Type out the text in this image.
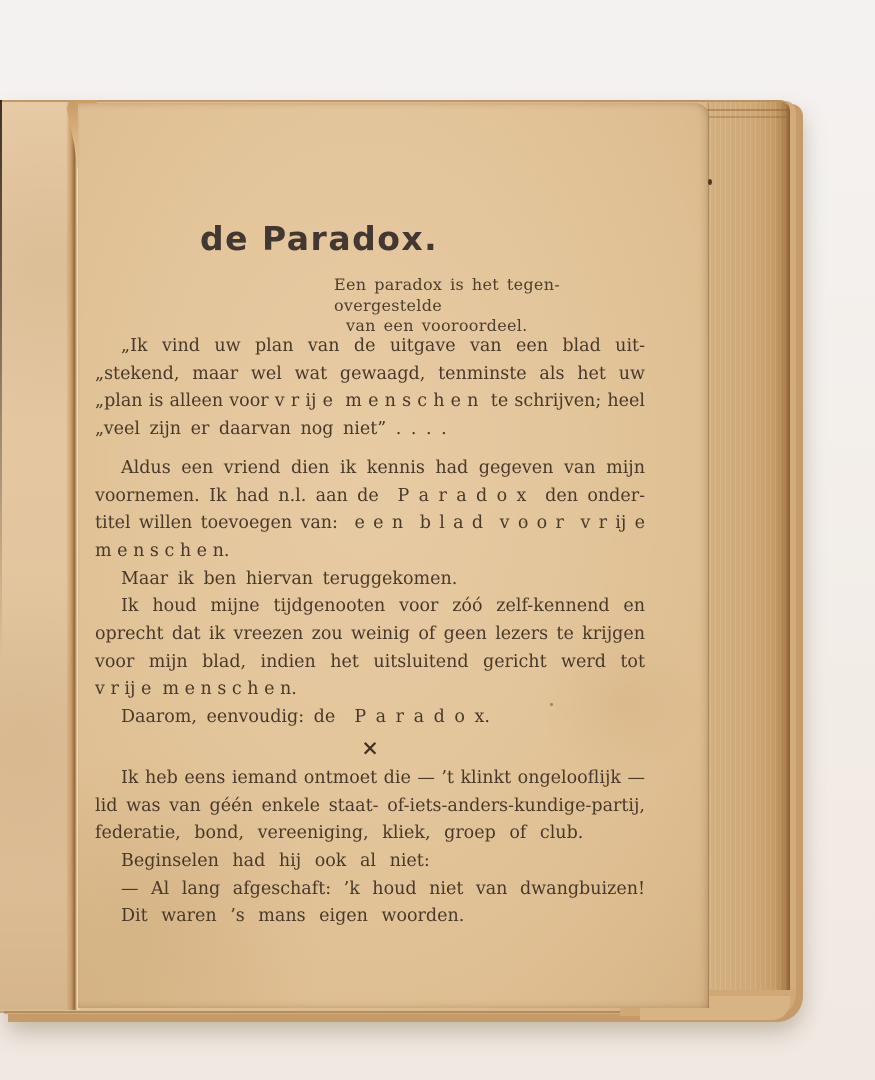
de Paradox.
Een paradox is het tegen-overgestelde
van een vooroordeel.
„Ik vind uw plan van de uitgave van een blad uit-
„stekend, maar wel wat gewaagd, tenminste als het uw
„plan is alleen voor v r ij e  m e n s c h e n  te schrijven; heel
„veel zijn er daarvan nog niet” . . . .
Aldus een vriend dien ik kennis had gegeven van mijn
voornemen. Ik had n.l. aan de  P a r a d o x  den onder-
titel willen toevoegen van:  e e n  b l a d  v o o r  v r ij e
m e n s c h e n.
Maar ik ben hiervan teruggekomen.
Ik houd mijne tijdgenooten voor zóó zelf-kennend en
oprecht dat ik vreezen zou weinig of geen lezers te krijgen
voor mijn blad, indien het uitsluitend gericht werd tot
v r ij e  m e n s c h e n.
Daarom, eenvoudig: de  P a r a d o x.
×
Ik heb eens iemand ontmoet die — ’t klinkt ongelooflijk —
lid was van géén enkele staat- of-iets-anders-kundige-partij,
federatie, bond, vereeniging, kliek, groep of club.
Beginselen had hij ook al niet:
— Al lang afgeschaft: ’k houd niet van dwangbuizen!
Dit waren ’s mans eigen woorden.
